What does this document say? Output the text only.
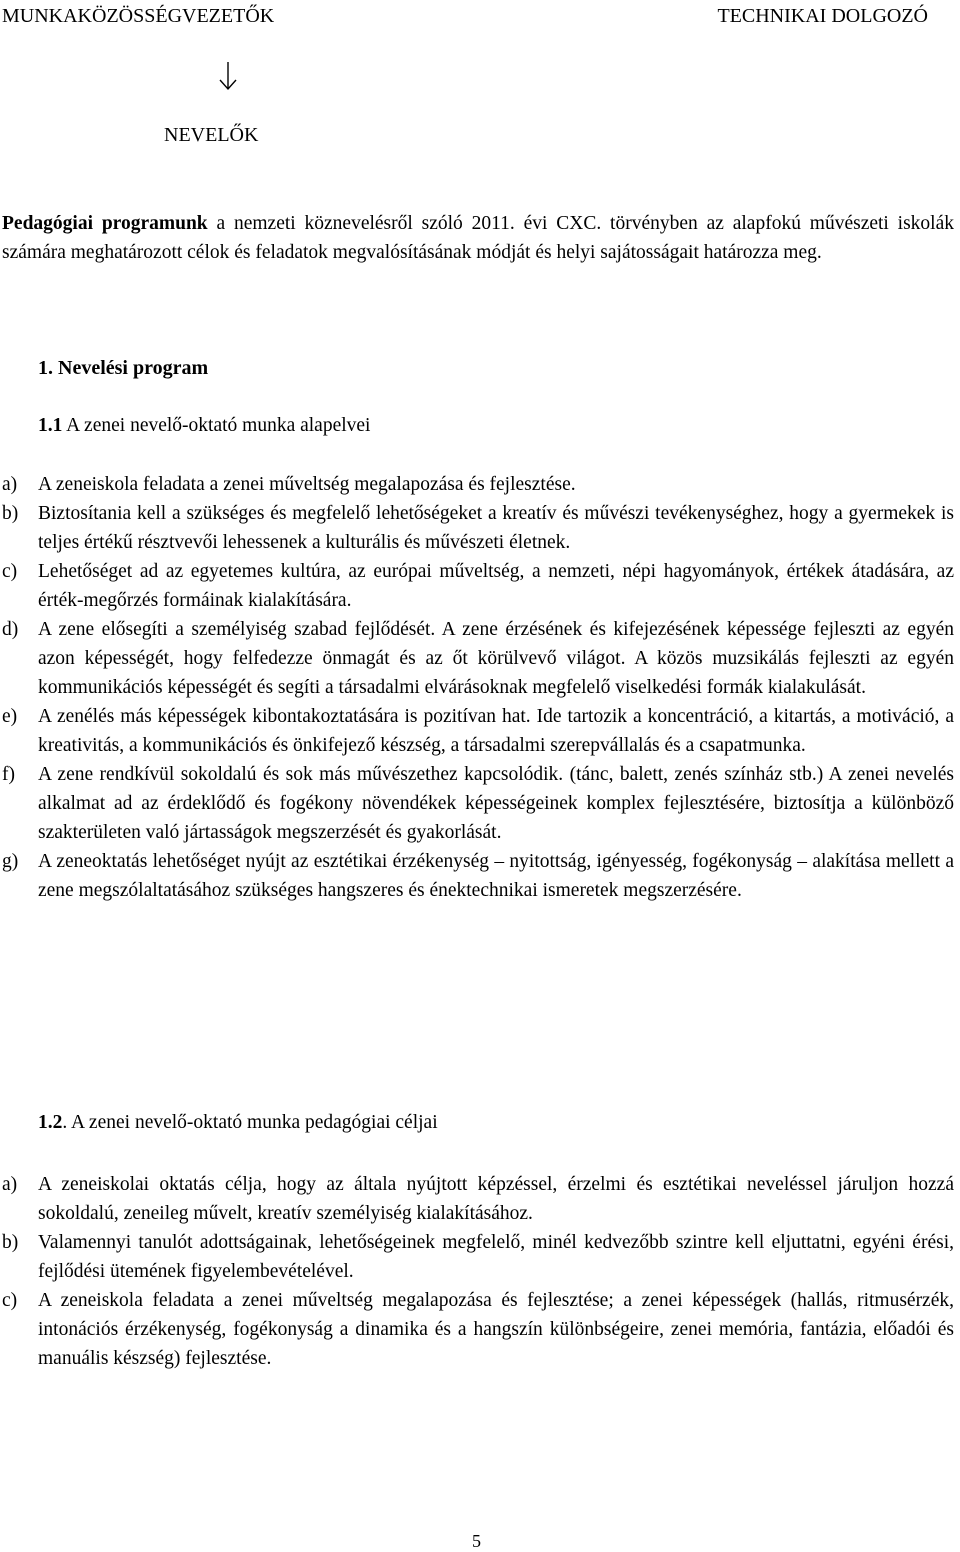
MUNKAKÖZÖSSÉGVEZETŐK	TECHNIKAI DOLGOZÓ
NEVELŐK

Pedagógiai programunk a nemzeti köznevelésről szóló 2011. évi CXC. törvényben az alapfokú művészeti iskolák számára meghatározott célok és feladatok megvalósításának módját és helyi sajátosságait határozza meg.

1. Nevelési program
1.1 A zenei nevelő-oktató munka alapelvei
a) A zeneiskola feladata a zenei műveltség megalapozása és fejlesztése.
b) Biztosítania kell a szükséges és megfelelő lehetőségeket a kreatív és művészi tevékenységhez, hogy a gyermekek is teljes értékű résztvevői lehessenek a kulturális és művészeti életnek.
c) Lehetőséget ad az egyetemes kultúra, az európai műveltség, a nemzeti, népi hagyományok, értékek átadására, az érték-megőrzés formáinak kialakítására.
d) A zene elősegíti a személyiség szabad fejlődését. A zene érzésének és kifejezésének képessége fejleszti az egyén azon képességét, hogy felfedezze önmagát és az őt körülvevő világot. A közös muzsikálás fejleszti az egyén kommunikációs képességét és segíti a társadalmi elvárásoknak megfelelő viselkedési formák kialakulását.
e) A zenélés más képességek kibontakoztatására is pozitívan hat. Ide tartozik a koncentráció, a kitartás, a motiváció, a kreativitás, a kommunikációs és önkifejező készség, a társadalmi szerepvállalás és a csapatmunka.
f) A zene rendkívül sokoldalú és sok más művészethez kapcsolódik. (tánc, balett, zenés színház stb.) A zenei nevelés alkalmat ad az érdeklődő és fogékony növendékek képességeinek komplex fejlesztésére, biztosítja a különböző szakterületen való jártasságok megszerzését és gyakorlását.
g) A zeneoktatás lehetőséget nyújt az esztétikai érzékenység – nyitottság, igényesség, fogékonyság – alakítása mellett a zene megszólaltatásához szükséges hangszeres és énektechnikai ismeretek megszerzésére.
1.2. A zenei nevelő-oktató munka pedagógiai céljai
a) A zeneiskolai oktatás célja, hogy az általa nyújtott képzéssel, érzelmi és esztétikai neveléssel járuljon hozzá sokoldalú, zeneileg művelt, kreatív személyiség kialakításához.
b) Valamennyi tanulót adottságainak, lehetőségeinek megfelelő, minél kedvezőbb szintre kell eljuttatni, egyéni érési, fejlődési ütemének figyelembevételével.
c) A zeneiskola feladata a zenei műveltség megalapozása és fejlesztése; a zenei képességek (hallás, ritmusérzék, intonációs érzékenység, fogékonyság a dinamika és a hangszín különbségeire, zenei memória, fantázia, előadói és manuális készség) fejlesztése.
5
